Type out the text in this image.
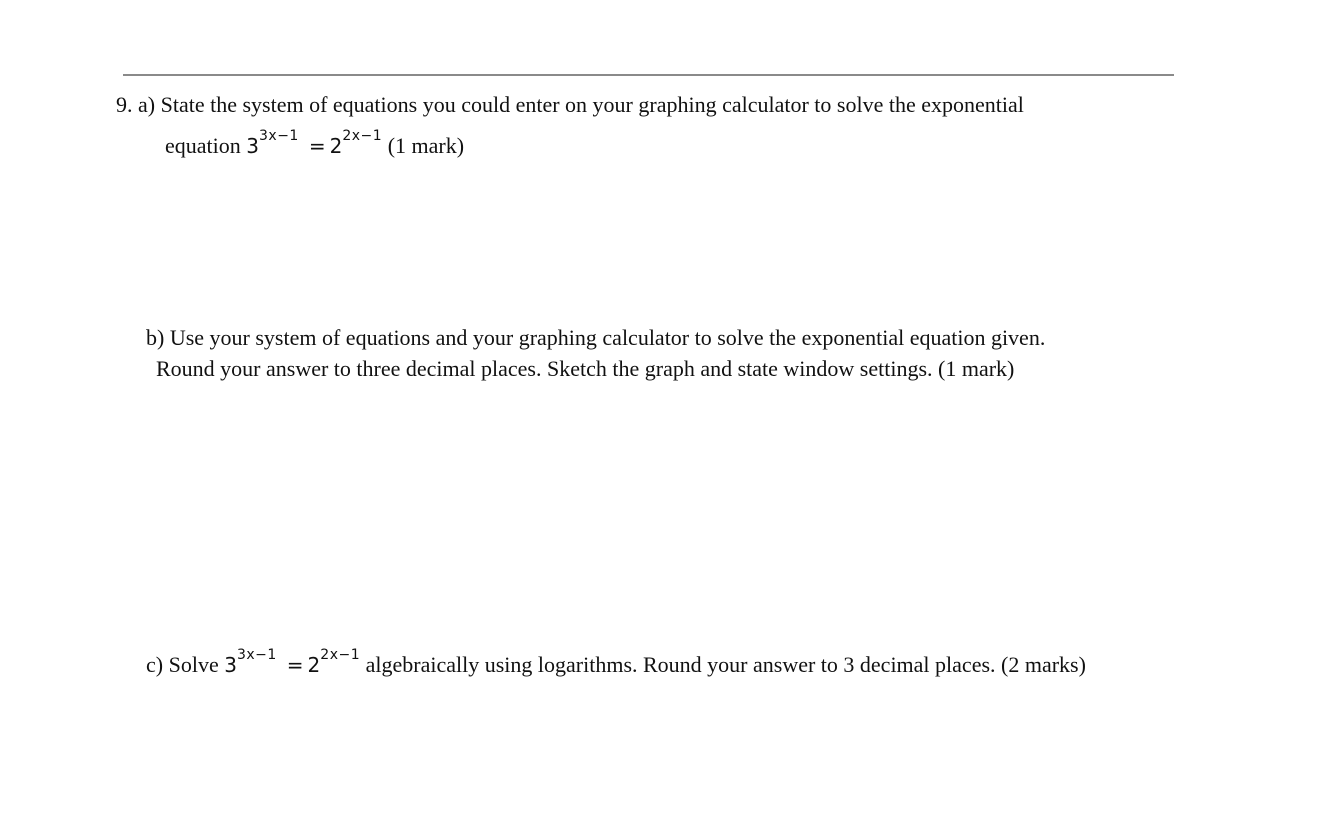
9. a) State the system of equations you could enter on your graphing calculator to solve the exponential
equation $3^{3x-1} = 2^{2x-1}$ (1 mark)
b) Use your system of equations and your graphing calculator to solve the exponential equation given.
Round your answer to three decimal places. Sketch the graph and state window settings. (1 mark)
c) Solve $3^{3x-1} = 2^{2x-1}$ algebraically using logarithms. Round your answer to 3 decimal places. (2 marks)
